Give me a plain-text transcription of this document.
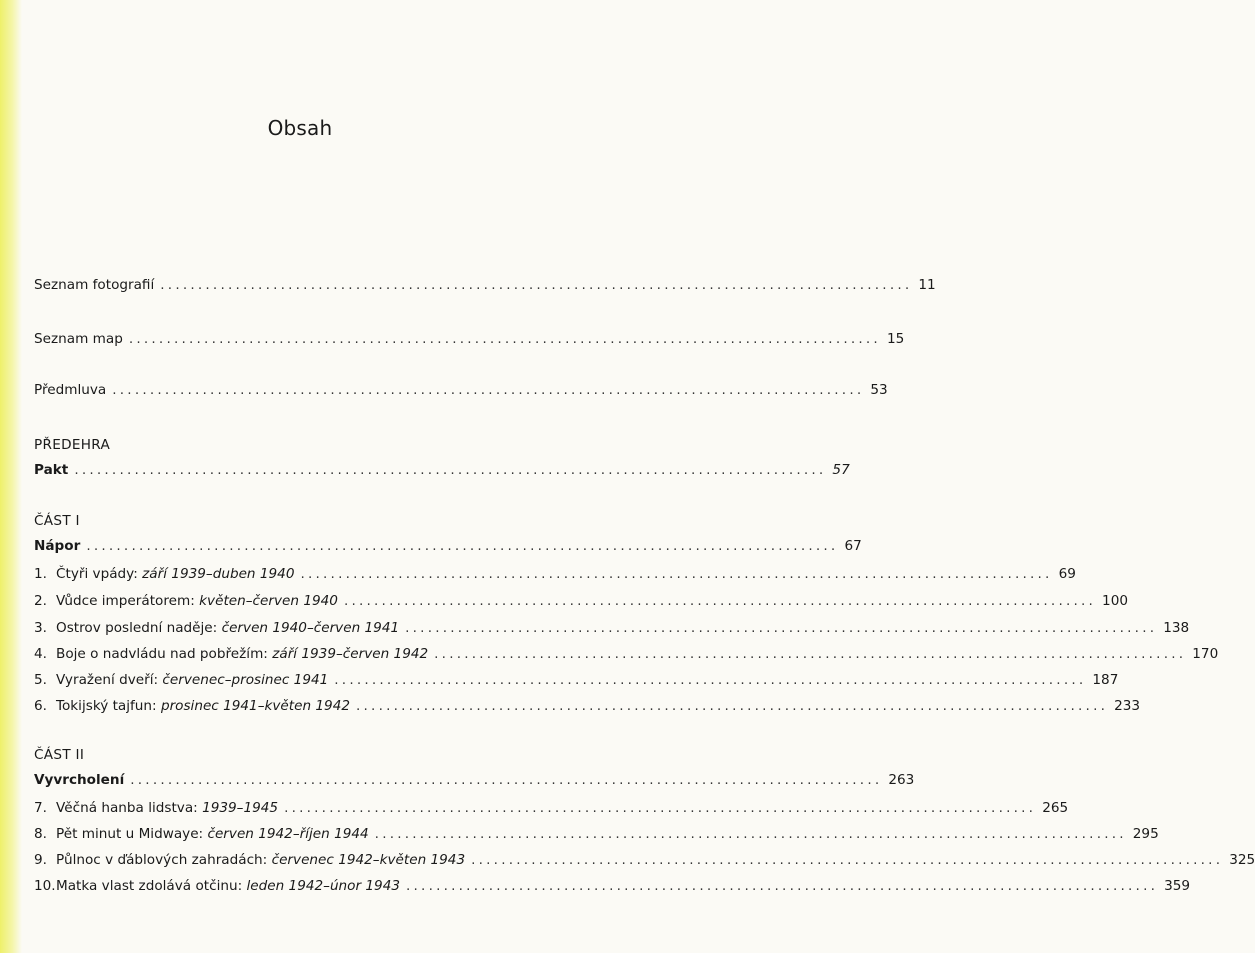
Obsah
Seznam fotografií .................................................................................................... 11
Seznam map .................................................................................................... 15
Předmluva .................................................................................................... 53
PŘEDEHRA
Pakt .................................................................................................... 57
ČÁST I
Nápor .................................................................................................... 67
1. Čtyři vpády: září 1939–duben 1940 .................................................................................................... 69
2. Vůdce imperátorem: květen–červen 1940 .................................................................................................... 100
3. Ostrov poslední naděje: červen 1940–červen 1941 .................................................................................................... 138
4. Boje o nadvládu nad pobřežím: září 1939–červen 1942 .................................................................................................... 170
5. Vyražení dveří: červenec–prosinec 1941 .................................................................................................... 187
6. Tokijský tajfun: prosinec 1941–květen 1942 .................................................................................................... 233
ČÁST II
Vyvrcholení .................................................................................................... 263
7. Věčná hanba lidstva: 1939–1945 .................................................................................................... 265
8. Pět minut u Midwaye: červen 1942–říjen 1944 .................................................................................................... 295
9. Půlnoc v ďáblových zahradách: červenec 1942–květen 1943 .................................................................................................... 325
10. Matka vlast zdolává otčinu: leden 1942–únor 1943 .................................................................................................... 359
